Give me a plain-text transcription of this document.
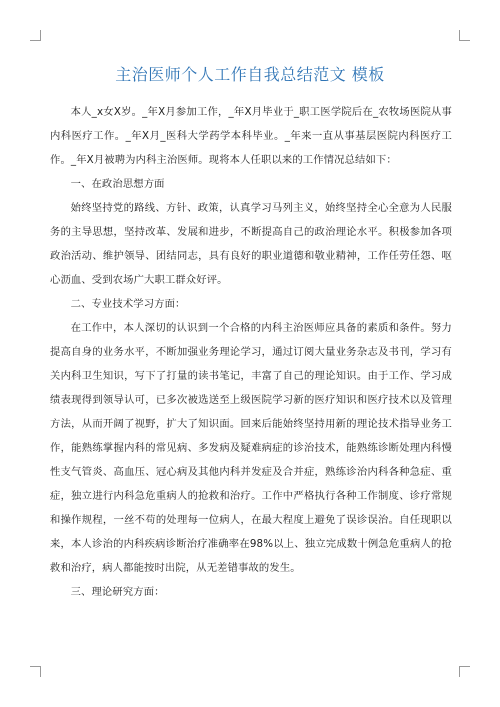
主治医师个人工作自我总结范文 模板

本人_x女X岁。_年X月参加工作，_年X月毕业于_职工医学院后在_农牧场医院从事内科医疗工作。_年X月_医科大学药学本科毕业。_年来一直从事基层医院内科医疗工作。_年X月被聘为内科主治医师。现将本人任职以来的工作情况总结如下：

一、在政治思想方面

始终坚持党的路线、方针、政策，认真学习马列主义，始终坚持全心全意为人民服务的主导思想，坚持改革、发展和进步，不断提高自己的政治理论水平。积极参加各项政治活动、维护领导、团结同志，具有良好的职业道德和敬业精神，工作任劳任怨、呕心沥血、受到农场广大职工群众好评。

二、专业技术学习方面：

在工作中，本人深切的认识到一个合格的内科主治医师应具备的素质和条件。努力提高自身的业务水平，不断加强业务理论学习，通过订阅大量业务杂志及书刊，学习有关内科卫生知识，写下了打量的读书笔记，丰富了自己的理论知识。由于工作、学习成绩表现得到领导认可，已多次被选送至上级医院学习新的医疗知识和医疗技术以及管理方法，从而开阔了视野，扩大了知识面。回来后能始终坚持用新的理论技术指导业务工作，能熟练掌握内科的常见病、多发病及疑难病症的诊治技术，能熟练诊断处理内科慢性支气管炎、高血压、冠心病及其他内科并发症及合并症，熟练诊治内科各种急症、重症，独立进行内科急危重病人的抢救和治疗。工作中严格执行各种工作制度、诊疗常规和操作规程，一丝不苟的处理每一位病人，在最大程度上避免了误诊误治。自任现职以来，本人诊治的内科疾病诊断治疗准确率在98%以上、独立完成数十例急危重病人的抢救和治疗，病人都能按时出院，从无差错事故的发生。

三、理论研究方面：
